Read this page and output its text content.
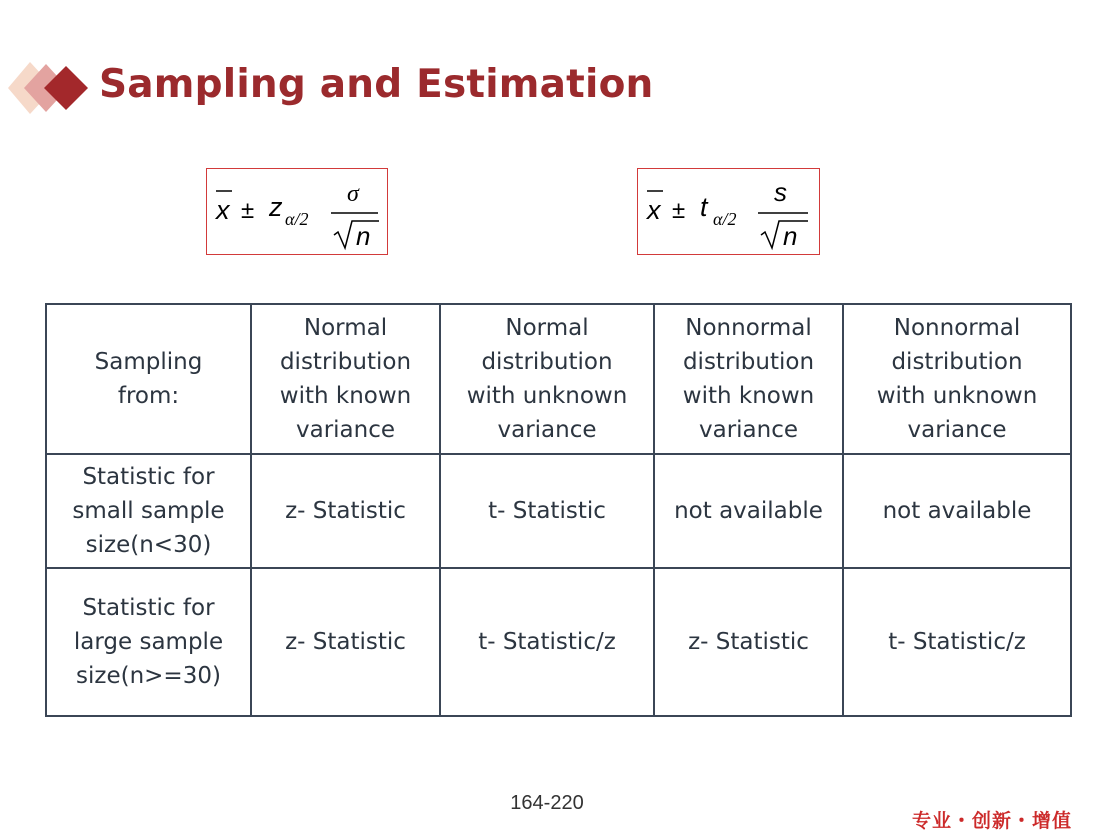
Sampling and Estimation
x ± z α/2
σ
n
x ± t α/2
s
n
Sampling
from:	Normal
distribution
with known
variance	Normal
distribution
with unknown
variance	Nonnormal
distribution
with known
variance	Nonnormal
distribution
with unknown
variance
Statistic for
small sample
size(n<30)	z- Statistic	t- Statistic	not available	not available
Statistic for
large sample
size(n>=30)	z- Statistic	t- Statistic/z	z- Statistic	t- Statistic/z
164-220
专业・创新・增值
